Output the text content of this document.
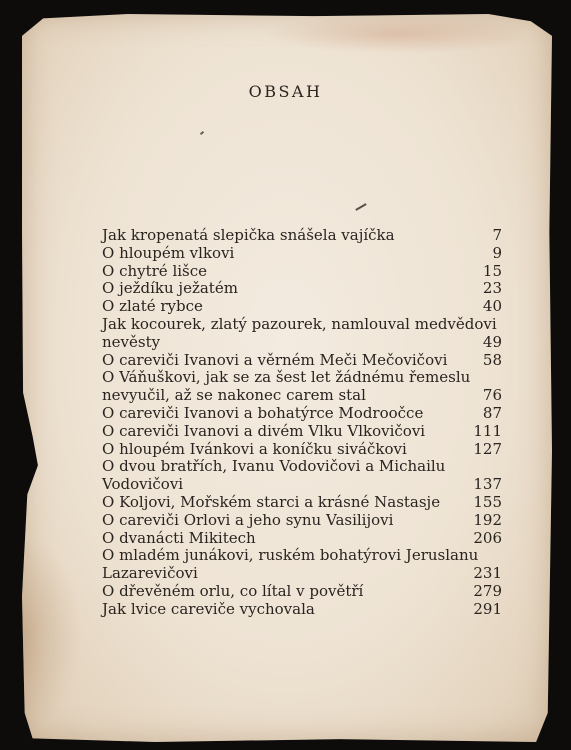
OBSAH
Jak kropenatá slepička snášela vajíčka	7
O hloupém vlkovi	9
O chytré lišce	15
O ježdíku ježatém	23
O zlaté rybce	40
Jak kocourek, zlatý pazourek, namlouval medvědovi
nevěsty	49
O careviči Ivanovi a věrném Meči Mečovičovi	58
O Váňuškovi, jak se za šest let žádnému řemeslu
nevyučil, až se nakonec carem stal	76
O careviči Ivanovi a bohatýrce Modroočce	87
O careviči Ivanovi a divém Vlku Vlkovičovi	111
O hloupém Ivánkovi a koníčku siváčkovi	127
O dvou bratřích, Ivanu Vodovičovi a Michailu
Vodovičovi	137
O Koljovi, Mořském starci a krásné Nastasje	155
O careviči Orlovi a jeho synu Vasilijovi	192
O dvanácti Mikitech	206
O mladém junákovi, ruském bohatýrovi Jeruslanu
Lazarevičovi	231
O dřevěném orlu, co lítal v povětří	279
Jak lvice careviče vychovala	291
